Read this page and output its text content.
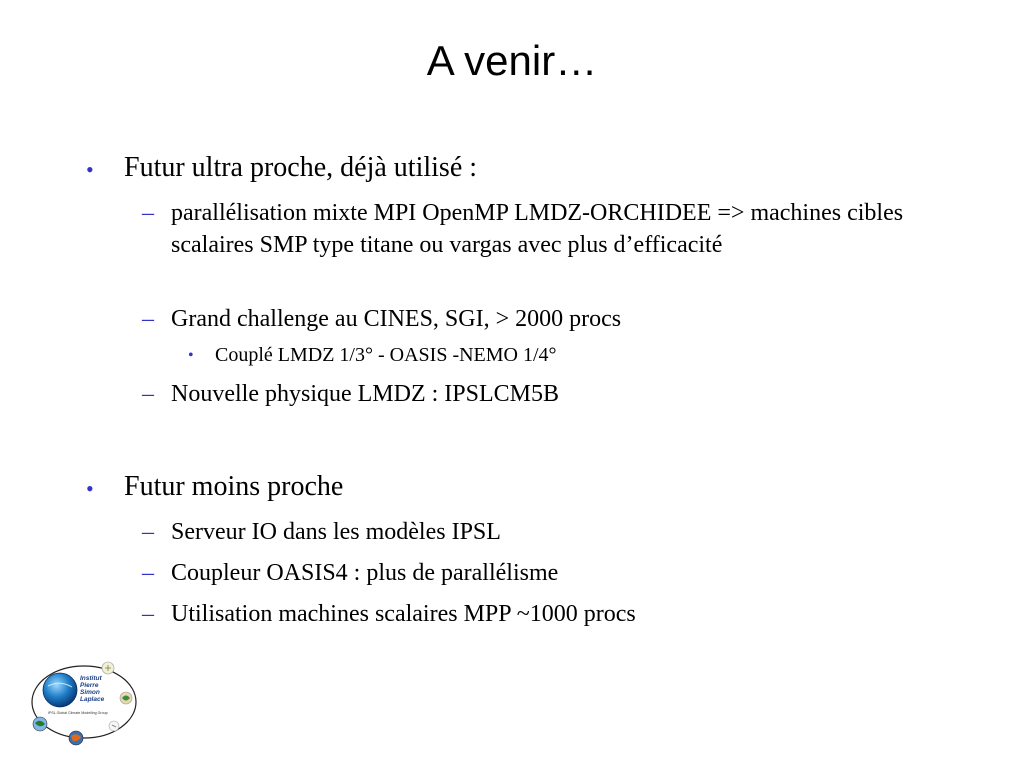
A venir…
• Futur ultra proche, déjà utilisé :
– parallélisation mixte MPI OpenMP LMDZ-ORCHIDEE => machines cibles scalaires SMP type titane ou vargas avec plus d’efficacité
– Grand challenge au CINES, SGI, > 2000 procs
• Couplé LMDZ 1/3° - OASIS -NEMO 1/4°
– Nouvelle physique LMDZ : IPSLCM5B
• Futur moins proche
– Serveur IO dans les modèles IPSL
– Coupleur OASIS4 : plus de parallélisme
– Utilisation machines scalaires MPP ~1000 procs
Institut
Pierre
Simon
Laplace
IPSL Global Climate Modelling Group
